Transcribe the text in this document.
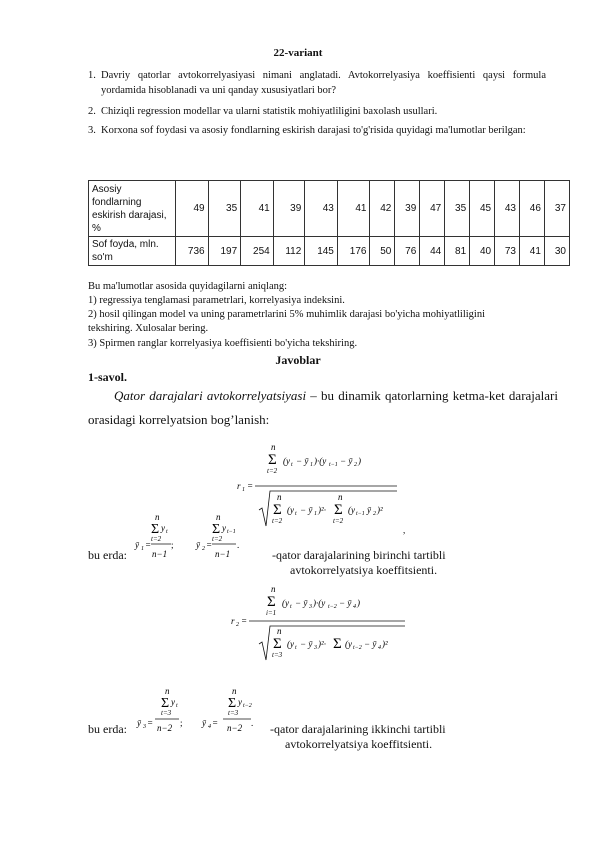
22-variant
1. Davriy qatorlar avtokorrelyasiyasi nimani anglatadi. Avtokorrelyasiya koeffisienti qaysi formula yordamida hisoblanadi va uni qanday xususiyatlari bor?
2. Chiziqli regression modellar va ularni statistik mohiyatliligini baxolash usullari.
3. Korxona sof foydasi va asosiy fondlarning eskirish darajasi to'g'risida quyidagi ma'lumotlar berilgan:
Asosiy fondlarning eskirish darajasi, %	49	35	41	39	43	41	42	39	47	35	45	43	46	37
Sof foyda, mln. so'm	736	197	254	112	145	176	50	76	44	81	40	73	41	30
Bu ma'lumotlar asosida quyidagilarni aniqlang:
1) regressiya tenglamasi parametrlari, korrelyasiya indeksini.
2) hosil qilingan model va uning parametrlarini 5% muhimlik darajasi bo'yicha mohiyatliligini
tekshiring. Xulosalar bering.
3) Spirmen ranglar korrelyasiya koeffisienti bo'yicha tekshiring.
Javoblar
1-savol.
Qator darajalari avtokorrelyatsiyasi – bu dinamik qatorlarning ketma-ket darajalari orasidagi korrelyatsion bog’lanish:
n
Σ
t=2
(y t − ȳ 1 )·(y t−1 − ȳ 2 )
r 1 =
n
Σ
t=2
(y t − ȳ 1 )²·
n
Σ
t=2
(y t−1 ȳ 2 )²
,
bu erda:
n
Σ y t
t=2
ȳ 1 =
n−1
;
n
Σ y t−1
t=2
ȳ 2 =
n−1
.
-qator darajalarining birinchi tartibli
avtokorrelyatsiya koeffitsienti.
n
Σ
i=1
(y t − ȳ 3 )·(y t−2 − ȳ 4 )
r 2 =
n
Σ
t=3
(y t − ȳ 3 )²· Σ (y t−2 − ȳ 4 )²
bu erda:
n
Σ y t
t=3
ȳ 3 = n−2 ;
n
Σ y t−2
t=3
ȳ 4 = n−2 . -qator darajalarining ikkinchi tartibli
avtokorrelyatsiya koeffitsienti.
